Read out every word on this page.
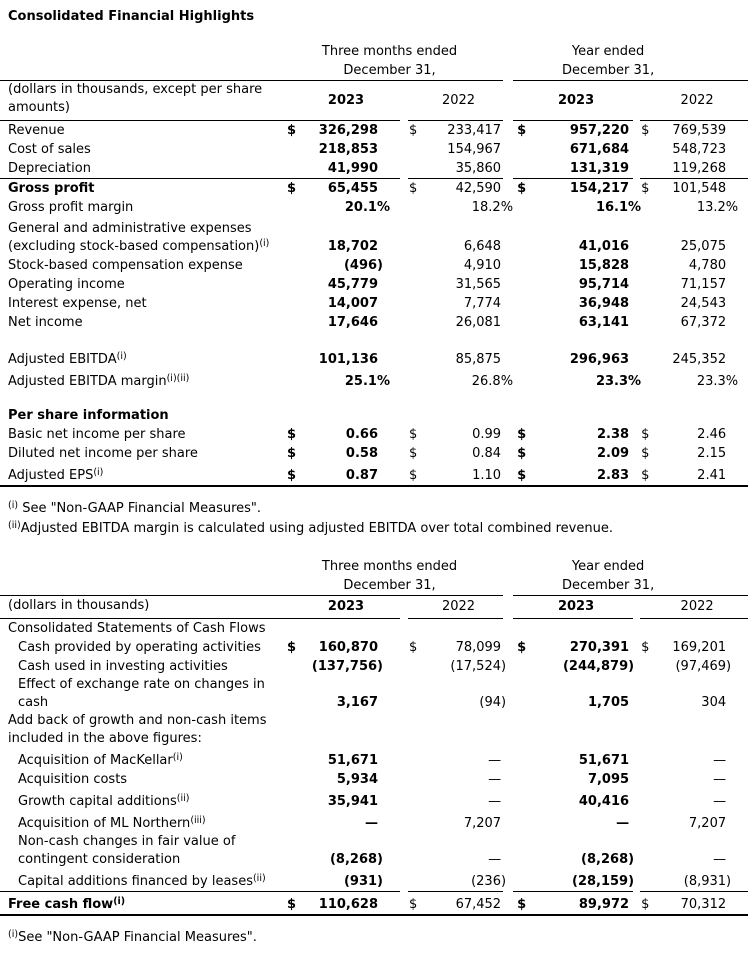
Consolidated Financial Highlights
	Three months ended						Year ended				
	December 31,						December 31,				
(dollars in thousands, except per share amounts)	2023			2022			2023			2022	
Revenue	$	326,298		$	233,417		$	957,220		$	769,539
Cost of sales		218,853			154,967			671,684			548,723
Depreciation		41,990			35,860			131,319			119,268
Gross profit	$	65,455		$	42,590		$	154,217		$	101,548
Gross profit margin		20.1%			18.2%			16.1%			13.2%
General and administrative expenses (excluding stock-based compensation)$^{(i)}$		18,702			6,648			41,016			25,075
Stock-based compensation expense		(496)			4,910			15,828			4,780
Operating income		45,779			31,565			95,714			71,157
Interest expense, net		14,007			7,774			36,948			24,543
Net income		17,646			26,081			63,141			67,372

Adjusted EBITDA$^{(i)}$		101,136			85,875			296,963			245,352
Adjusted EBITDA margin$^{(i)(ii)}$		25.1%			26.8%			23.3%			23.3%

Per share information											
Basic net income per share	$	0.66		$	0.99		$	2.38		$	2.46
Diluted net income per share	$	0.58		$	0.84		$	2.09		$	2.15
Adjusted EPS$^{(i)}$	$	0.87		$	1.10		$	2.83		$	2.41
$^{(i)}$ See "Non-GAAP Financial Measures".
$^{(ii)}$Adjusted EBITDA margin is calculated using adjusted EBITDA over total combined revenue.
	Three months ended						Year ended				
	December 31,						December 31,				
(dollars in thousands)	2023			2022			2023			2022	
Consolidated Statements of Cash Flows											
Cash provided by operating activities	$	160,870		$	78,099		$	270,391		$	169,201
Cash used in investing activities		(137,756)			(17,524)			(244,879)			(97,469)
Effect of exchange rate on changes in cash		3,167			(94)			1,705			304
Add back of growth and non-cash items included in the above figures:											
Acquisition of MacKellar$^{(i)}$		51,671			—			51,671			—
Acquisition costs		5,934			—			7,095			—
Growth capital additions$^{(ii)}$		35,941			—			40,416			—
Acquisition of ML Northern$^{(iii)}$		—			7,207			—			7,207
Non-cash changes in fair value of contingent consideration		(8,268)			—			(8,268)			—
Capital additions financed by leases$^{(ii)}$		(931)			(236)			(28,159)			(8,931)
Free cash flow$^{(i)}$	$	110,628		$	67,452		$	89,972		$	70,312
$^{(i)}$See "Non-GAAP Financial Measures".
